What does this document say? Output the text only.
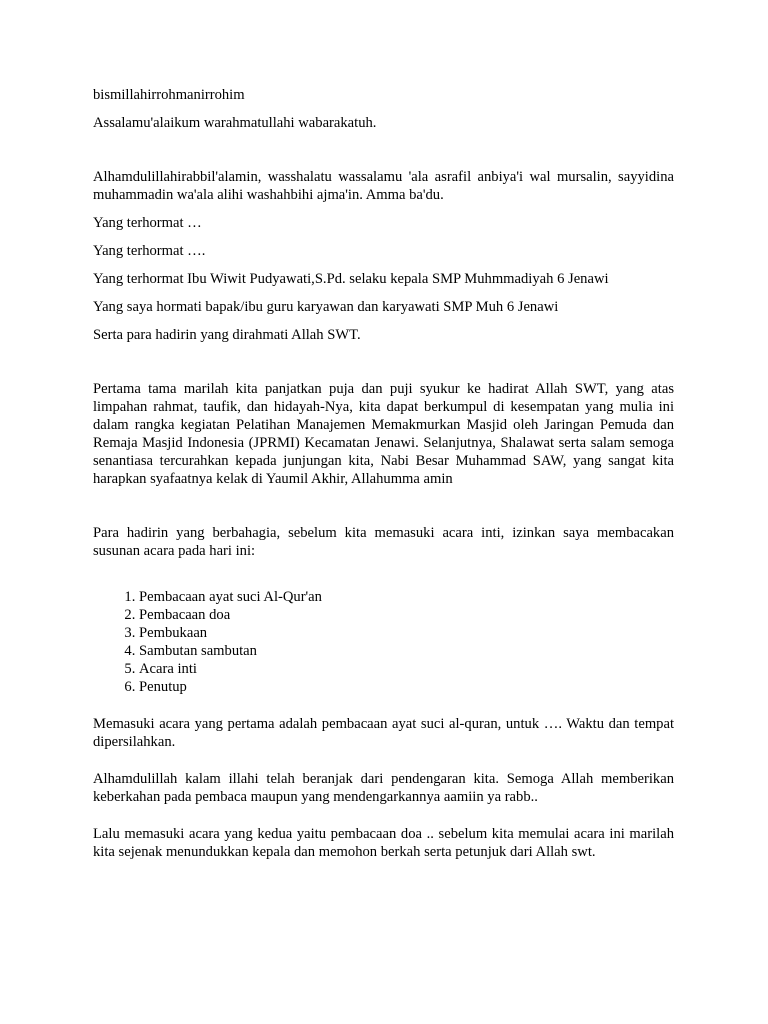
bismillahirrohmanirrohim

Assalamu'alaikum warahmatullahi wabarakatuh.

Alhamdulillahirabbil'alamin, wasshalatu wassalamu 'ala asrafil anbiya'i wal mursalin, sayyidina muhammadin wa'ala alihi washahbihi ajma'in. Amma ba'du.

Yang terhormat …

Yang terhormat ….

Yang terhormat Ibu Wiwit Pudyawati,S.Pd. selaku kepala SMP Muhmmadiyah 6 Jenawi

Yang saya hormati bapak/ibu guru karyawan dan karyawati SMP Muh 6 Jenawi

Serta para hadirin yang dirahmati Allah SWT.

Pertama tama marilah kita panjatkan puja dan puji syukur ke hadirat Allah SWT, yang atas limpahan rahmat, taufik, dan hidayah-Nya, kita dapat berkumpul di kesempatan yang mulia ini dalam rangka kegiatan Pelatihan Manajemen Memakmurkan Masjid oleh Jaringan Pemuda dan Remaja Masjid Indonesia (JPRMI) Kecamatan Jenawi. Selanjutnya, Shalawat serta salam semoga senantiasa tercurahkan kepada junjungan kita, Nabi Besar Muhammad SAW, yang sangat kita harapkan syafaatnya kelak di Yaumil Akhir, Allahumma amin

Para hadirin yang berbahagia, sebelum kita memasuki acara inti, izinkan saya membacakan susunan acara pada hari ini:

1. Pembacaan ayat suci Al-Qur'an
2. Pembacaan doa
3. Pembukaan
4. Sambutan sambutan
5. Acara inti
6. Penutup

Memasuki acara yang pertama adalah pembacaan ayat suci al-quran, untuk …. Waktu dan tempat dipersilahkan.

Alhamdulillah kalam illahi telah beranjak dari pendengaran kita. Semoga Allah memberikan keberkahan pada pembaca maupun yang mendengarkannya aamiin ya rabb..

Lalu memasuki acara yang kedua yaitu pembacaan doa .. sebelum kita memulai acara ini marilah kita sejenak menundukkan kepala dan memohon berkah serta petunjuk dari Allah swt.
